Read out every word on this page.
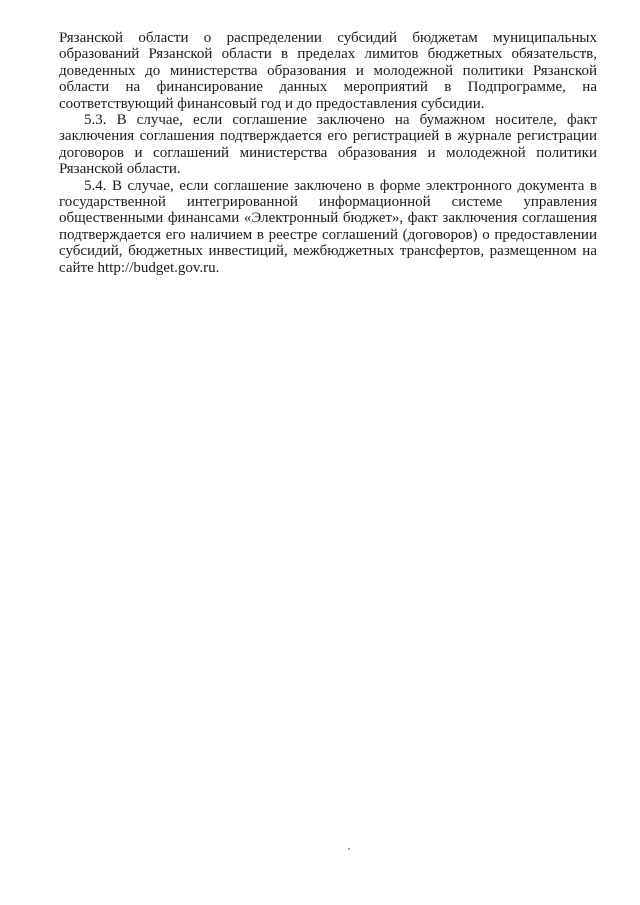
Рязанской области о распределении субсидий бюджетам муниципальных образований Рязанской области в пределах лимитов бюджетных обязательств, доведенных до министерства образования и молодежной политики Рязанской области на финансирование данных мероприятий в Подпрограмме, на соответствующий финансовый год и до предоставления субсидии.

5.3. В случае, если соглашение заключено на бумажном носителе, факт заключения соглашения подтверждается его регистрацией в журнале регистрации договоров и соглашений министерства образования и молодежной политики Рязанской области.

5.4. В случае, если соглашение заключено в форме электронного документа в государственной интегрированной информационной системе управления общественными финансами «Электронный бюджет», факт заключения соглашения подтверждается его наличием в реестре соглашений (договоров) о предоставлении субсидий, бюджетных инвестиций, межбюджетных трансфертов, размещенном на сайте http://budget.gov.ru.
